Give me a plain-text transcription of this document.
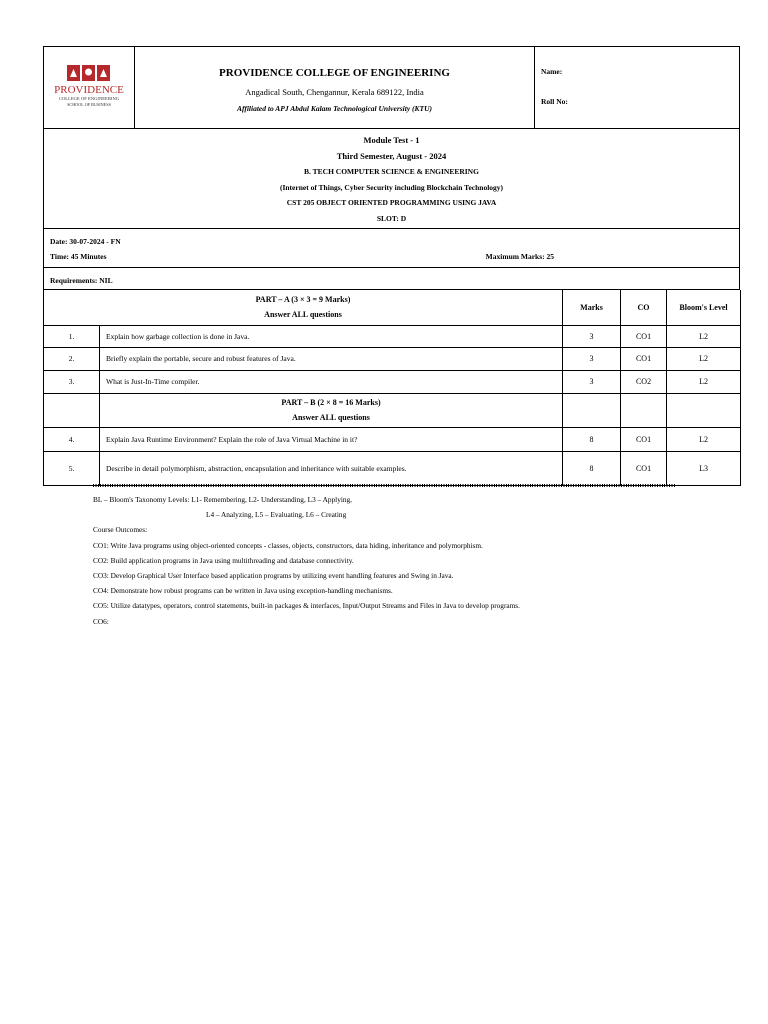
PROVIDENCE
COLLEGE OF ENGINEERING
SCHOOL OF BUSINESS

PROVIDENCE COLLEGE OF ENGINEERING
Angadical South, Chengannur, Kerala 689122, India
Affiliated to APJ Abdul Kalam Technological University (KTU)

Name:
Roll No:
Module Test - 1
Third Semester, August - 2024
B. TECH COMPUTER SCIENCE & ENGINEERING
(Internet of Things, Cyber Security including Blockchain Technology)
CST 205 OBJECT ORIENTED PROGRAMMING USING JAVA
SLOT: D
Date: 30-07-2024 - FN
Time: 45 Minutes	Maximum Marks: 25

Requirements: NIL
PART – A (3 × 3 = 9 Marks)
Answer ALL questions		Marks	CO	Bloom's Level
1.	Explain how garbage collection is done in Java.	3	CO1	L2
2.	Briefly explain the portable, secure and robust features of Java.	3	CO1	L2
3.	What is Just-In-Time compiler.	3	CO2	L2

	PART – B (2 × 8 = 16 Marks)
Answer ALL questions			

4.	Explain Java Runtime Environment? Explain the role of Java Virtual Machine in it?	8	CO1	L2
5.	Describe in detail polymorphism, abstraction, encapsulation and inheritance with suitable examples.	8	CO1	L3
BL – Bloom's Taxonomy Levels: L1- Remembering, L2- Understanding, L3 – Applying,
L4 – Analyzing, L5 – Evaluating, L6 – Creating
Course Outcomes:
CO1: Write Java programs using object-oriented concepts - classes, objects, constructors, data hiding, inheritance and polymorphism.
CO2: Build application programs in Java using multithreading and database connectivity.
CO3: Develop Graphical User Interface based application programs by utilizing event handling features and Swing in Java.
CO4: Demonstrate how robust programs can be written in Java using exception-handling mechanisms.
CO5: Utilize datatypes, operators, control statements, built-in packages & interfaces, Input/Output Streams and Files in Java to develop programs.
CO6:
